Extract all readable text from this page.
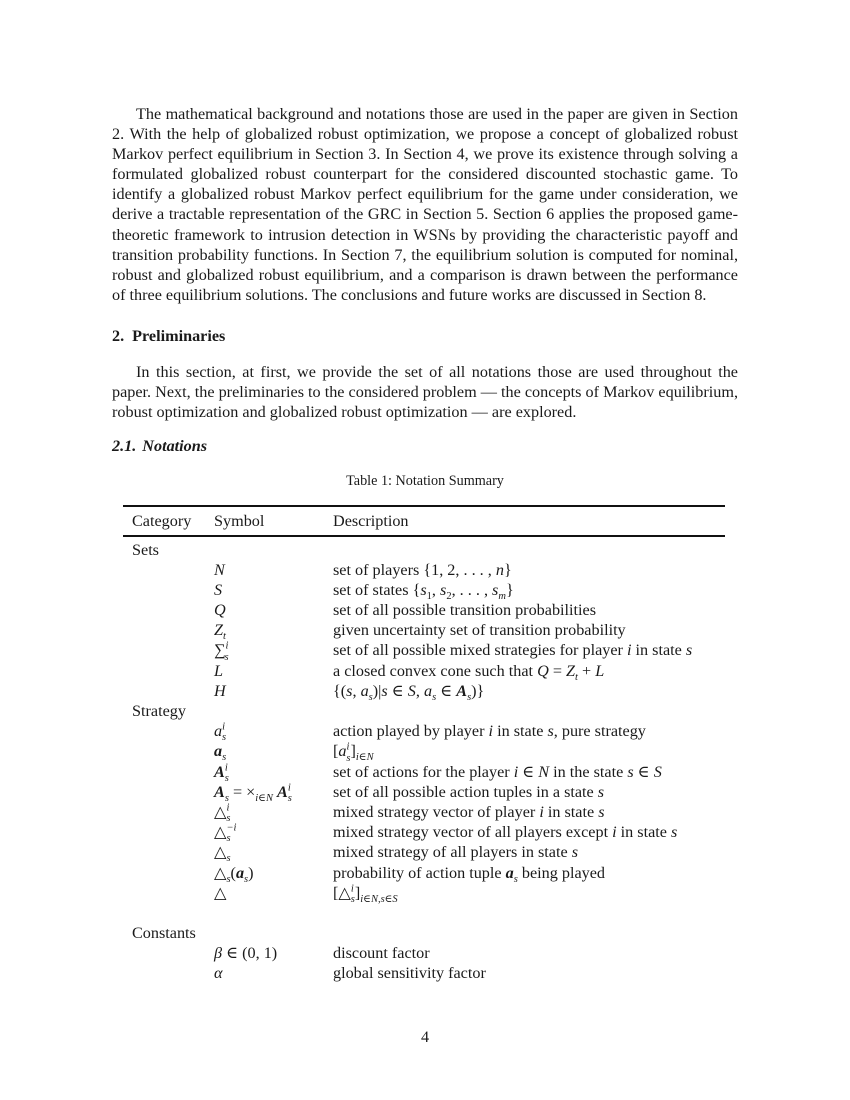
The mathematical background and notations those are used in the paper are given in Section 2. With the help of globalized robust optimization, we propose a concept of globalized robust Markov perfect equilibrium in Section 3. In Section 4, we prove its existence through solving a formulated globalized robust counterpart for the considered discounted stochastic game. To identify a globalized robust Markov perfect equilibrium for the game under consideration, we derive a tractable representation of the GRC in Section 5. Section 6 applies the proposed game-theoretic framework to intrusion detection in WSNs by providing the characteristic payoff and transition probability functions. In Section 7, the equilibrium solution is computed for nominal, robust and globalized robust equilibrium, and a comparison is drawn between the performance of three equilibrium solutions. The conclusions and future works are discussed in Section 8.

2. Preliminaries

In this section, at first, we provide the set of all notations those are used throughout the paper. Next, the preliminaries to the considered problem — the concepts of Markov equilibrium, robust optimization and globalized robust optimization — are explored.

2.1. Notations

Table 1: Notation Summary

Category Symbol	Description
Sets
N	set of players {1, 2, . . . , n}
S	set of states {$s_1$, $s_2$, . . . , $s_m$}
Q	set of all possible transition probabilities
$Z_t$	given uncertainty set of transition probability
∑$^i_s$	set of all possible mixed strategies for player i in state s
L	a closed convex cone such that $Q = Z_t + L$
H	{(s, $a_s)|s$ ∈ S, $a_s$ ∈ $A_s$)}
Strategy
$a^i_s$	action played by player i in state s, pure strategy
$a_s$	$[a^i_s]_{i\in N}$
$A^i_s$	set of actions for the player i ∈ N in the state s ∈ S
$A_s = \times_{i\in N}$ $A^i_s$	set of all possible action tuples in a state s
△$^i_s$	mixed strategy vector of player i in state s
△$^{-i}_s$	mixed strategy vector of all players except i in state s
$\triangle_s$	mixed strategy of all players in state s
$\triangle_s(a_s)$	probability of action tuple $a_s$ being played
△	$[\triangle^i_s]_{i\in N,s\in S}$
Constants
β ∈ (0, 1)	discount factor
α	global sensitivity factor

4
